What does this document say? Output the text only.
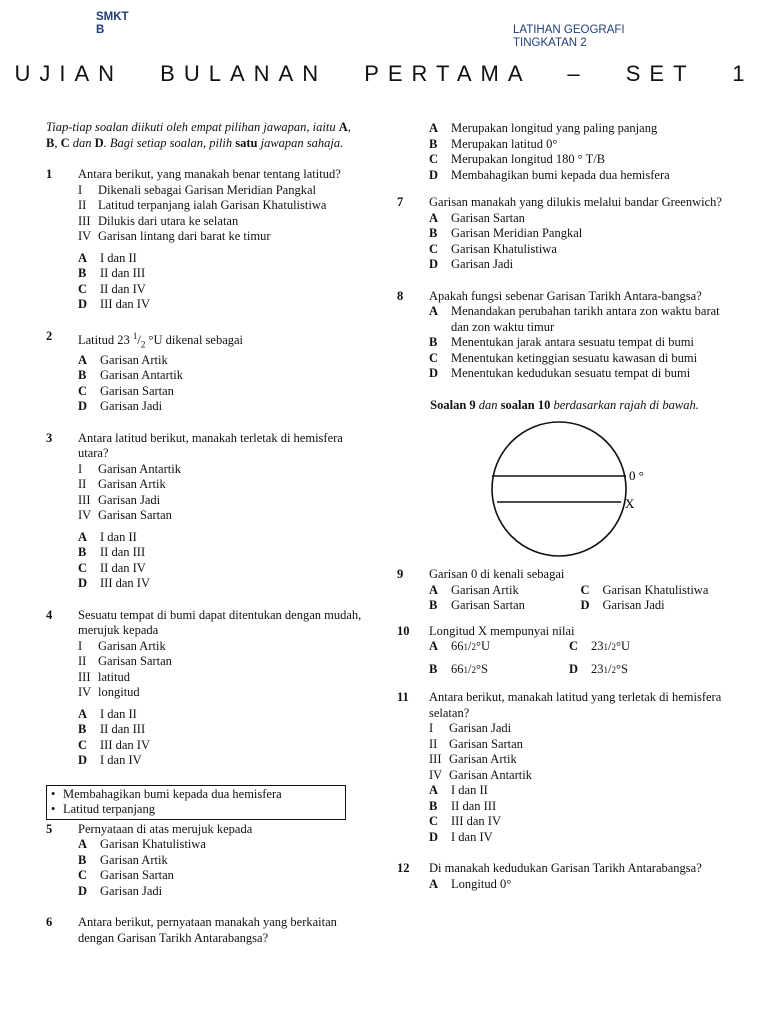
SMKT
B	LATIHAN GEOGRAFI
TINGKATAN 2
UJIAN BULANAN PERTAMA – SET 1

Tiap-tiap soalan diikuti oleh empat pilihan jawapan, iaitu A, B, C dan D. Bagi setiap soalan, pilih satu jawapan sahaja.

1 Antara berikut, yang manakah benar tentang latitud?

I	Dikenali sebagai Garisan Meridian Pangkal
II Latitud terpanjang ialah Garisan Khatulistiwa
III Dilukis dari utara ke selatan
IV Garisan lintang dari barat ke timur
A	I dan II
B	II dan III
C	II dan IV
D	III dan IV
2 Latitud 23 $^1/_2$ °U dikenal sebagai

A	Garisan Artik
B	Garisan Antartik
C	Garisan Sartan
D	Garisan Jadi
3 Antara latitud berikut, manakah terletak di hemisfera utara?

I	Garisan Antartik
II Garisan Artik
III Garisan Jadi
IV Garisan Sartan
A	I dan II
B	II dan III
C	II dan IV
D	III dan IV
4 Sesuatu tempat di bumi dapat ditentukan dengan mudah, merujuk kepada

I	Garisan Artik
II Garisan Sartan
III latitud
IV longitud
A	I dan II
B	II dan III
C	III dan IV
D	I dan IV
• Membahagikan bumi kepada dua hemisfera
• Latitud terpanjang
5 Pernyataan di atas merujuk kepada

A	Garisan Khatulistiwa
B	Garisan Artik
C	Garisan Sartan
D	Garisan Jadi
6 Antara berikut, pernyataan manakah yang berkaitan dengan Garisan Tarikh Antarabangsa?

A	Merupakan longitud yang paling panjang
B	Merupakan latitud 0°
C	Merupakan longitud 180 ° T/B
D	Membahagikan bumi kepada dua hemisfera
7 Garisan manakah yang dilukis melalui bandar Greenwich?

A	Garisan Sartan
B	Garisan Meridian Pangkal
C	Garisan Khatulistiwa
D	Garisan Jadi
8 Apakah fungsi sebenar Garisan Tarikh Antara-bangsa?

A	Menandakan perubahan tarikh antara zon waktu barat dan zon waktu timur
B	Menentukan jarak antara sesuatu tempat di bumi
C	Menentukan ketinggian sesuatu kawasan di bumi
D	Menentukan kedudukan sesuatu tempat di bumi

Soalan 9 dan soalan 10 berdasarkan rajah di bawah.

0 °
X
9 Garisan 0 di kenali sebagai

A	Garisan Artik	C	Garisan Khatulistiwa
B	Garisan Sartan	D	Garisan Jadi
10 Longitud X mempunyai nilai

A	66 1 / 2 °U	C	23 1 / 2 °U
B	66 1 / 2 °S	D	23 1 / 2 °S
11 Antara berikut, manakah latitud yang terletak di hemisfera selatan?

I	Garisan Jadi
II Garisan Sartan
III Garisan Artik
IV Garisan Antartik
A	I dan II
B	II dan III
C	III dan IV
D	I dan IV
12 Di manakah kedudukan Garisan Tarikh Antarabangsa?

A	Longitud 0°
